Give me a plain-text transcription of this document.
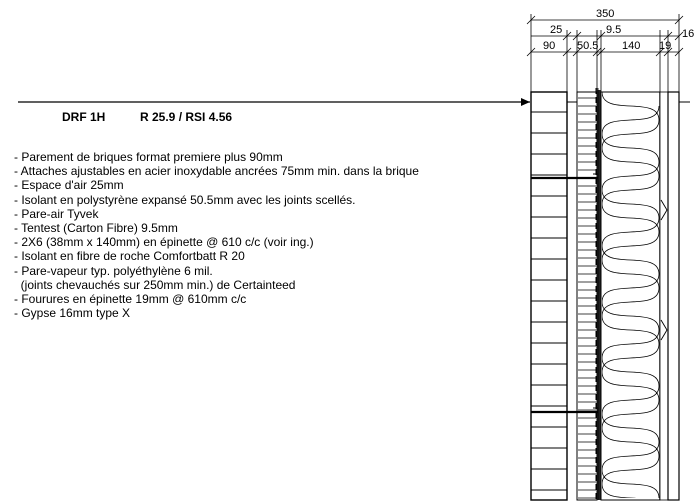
DRF 1H	R 25.9 / RSI 4.56
- Parement de briques format premiere plus 90mm
- Attaches ajustables en acier inoxydable ancrées 75mm min. dans la brique
- Espace d'air 25mm
- Isolant en polystyrène expansé 50.5mm avec les joints scellés.
- Pare-air Tyvek
- Tentest (Carton Fibre) 9.5mm
- 2X6 (38mm x 140mm) en épinette @ 610 c/c (voir ing.)
- Isolant en fibre de roche Comfortbatt R 20
- Pare-vapeur typ. polyéthylène 6 mil.
(joints chevauchés sur 250mm min.) de Certainteed
- Fourures en épinette 19mm @ 610mm c/c
- Gypse 16mm type X
350
25	9.5	16
90 50.5 140 19
